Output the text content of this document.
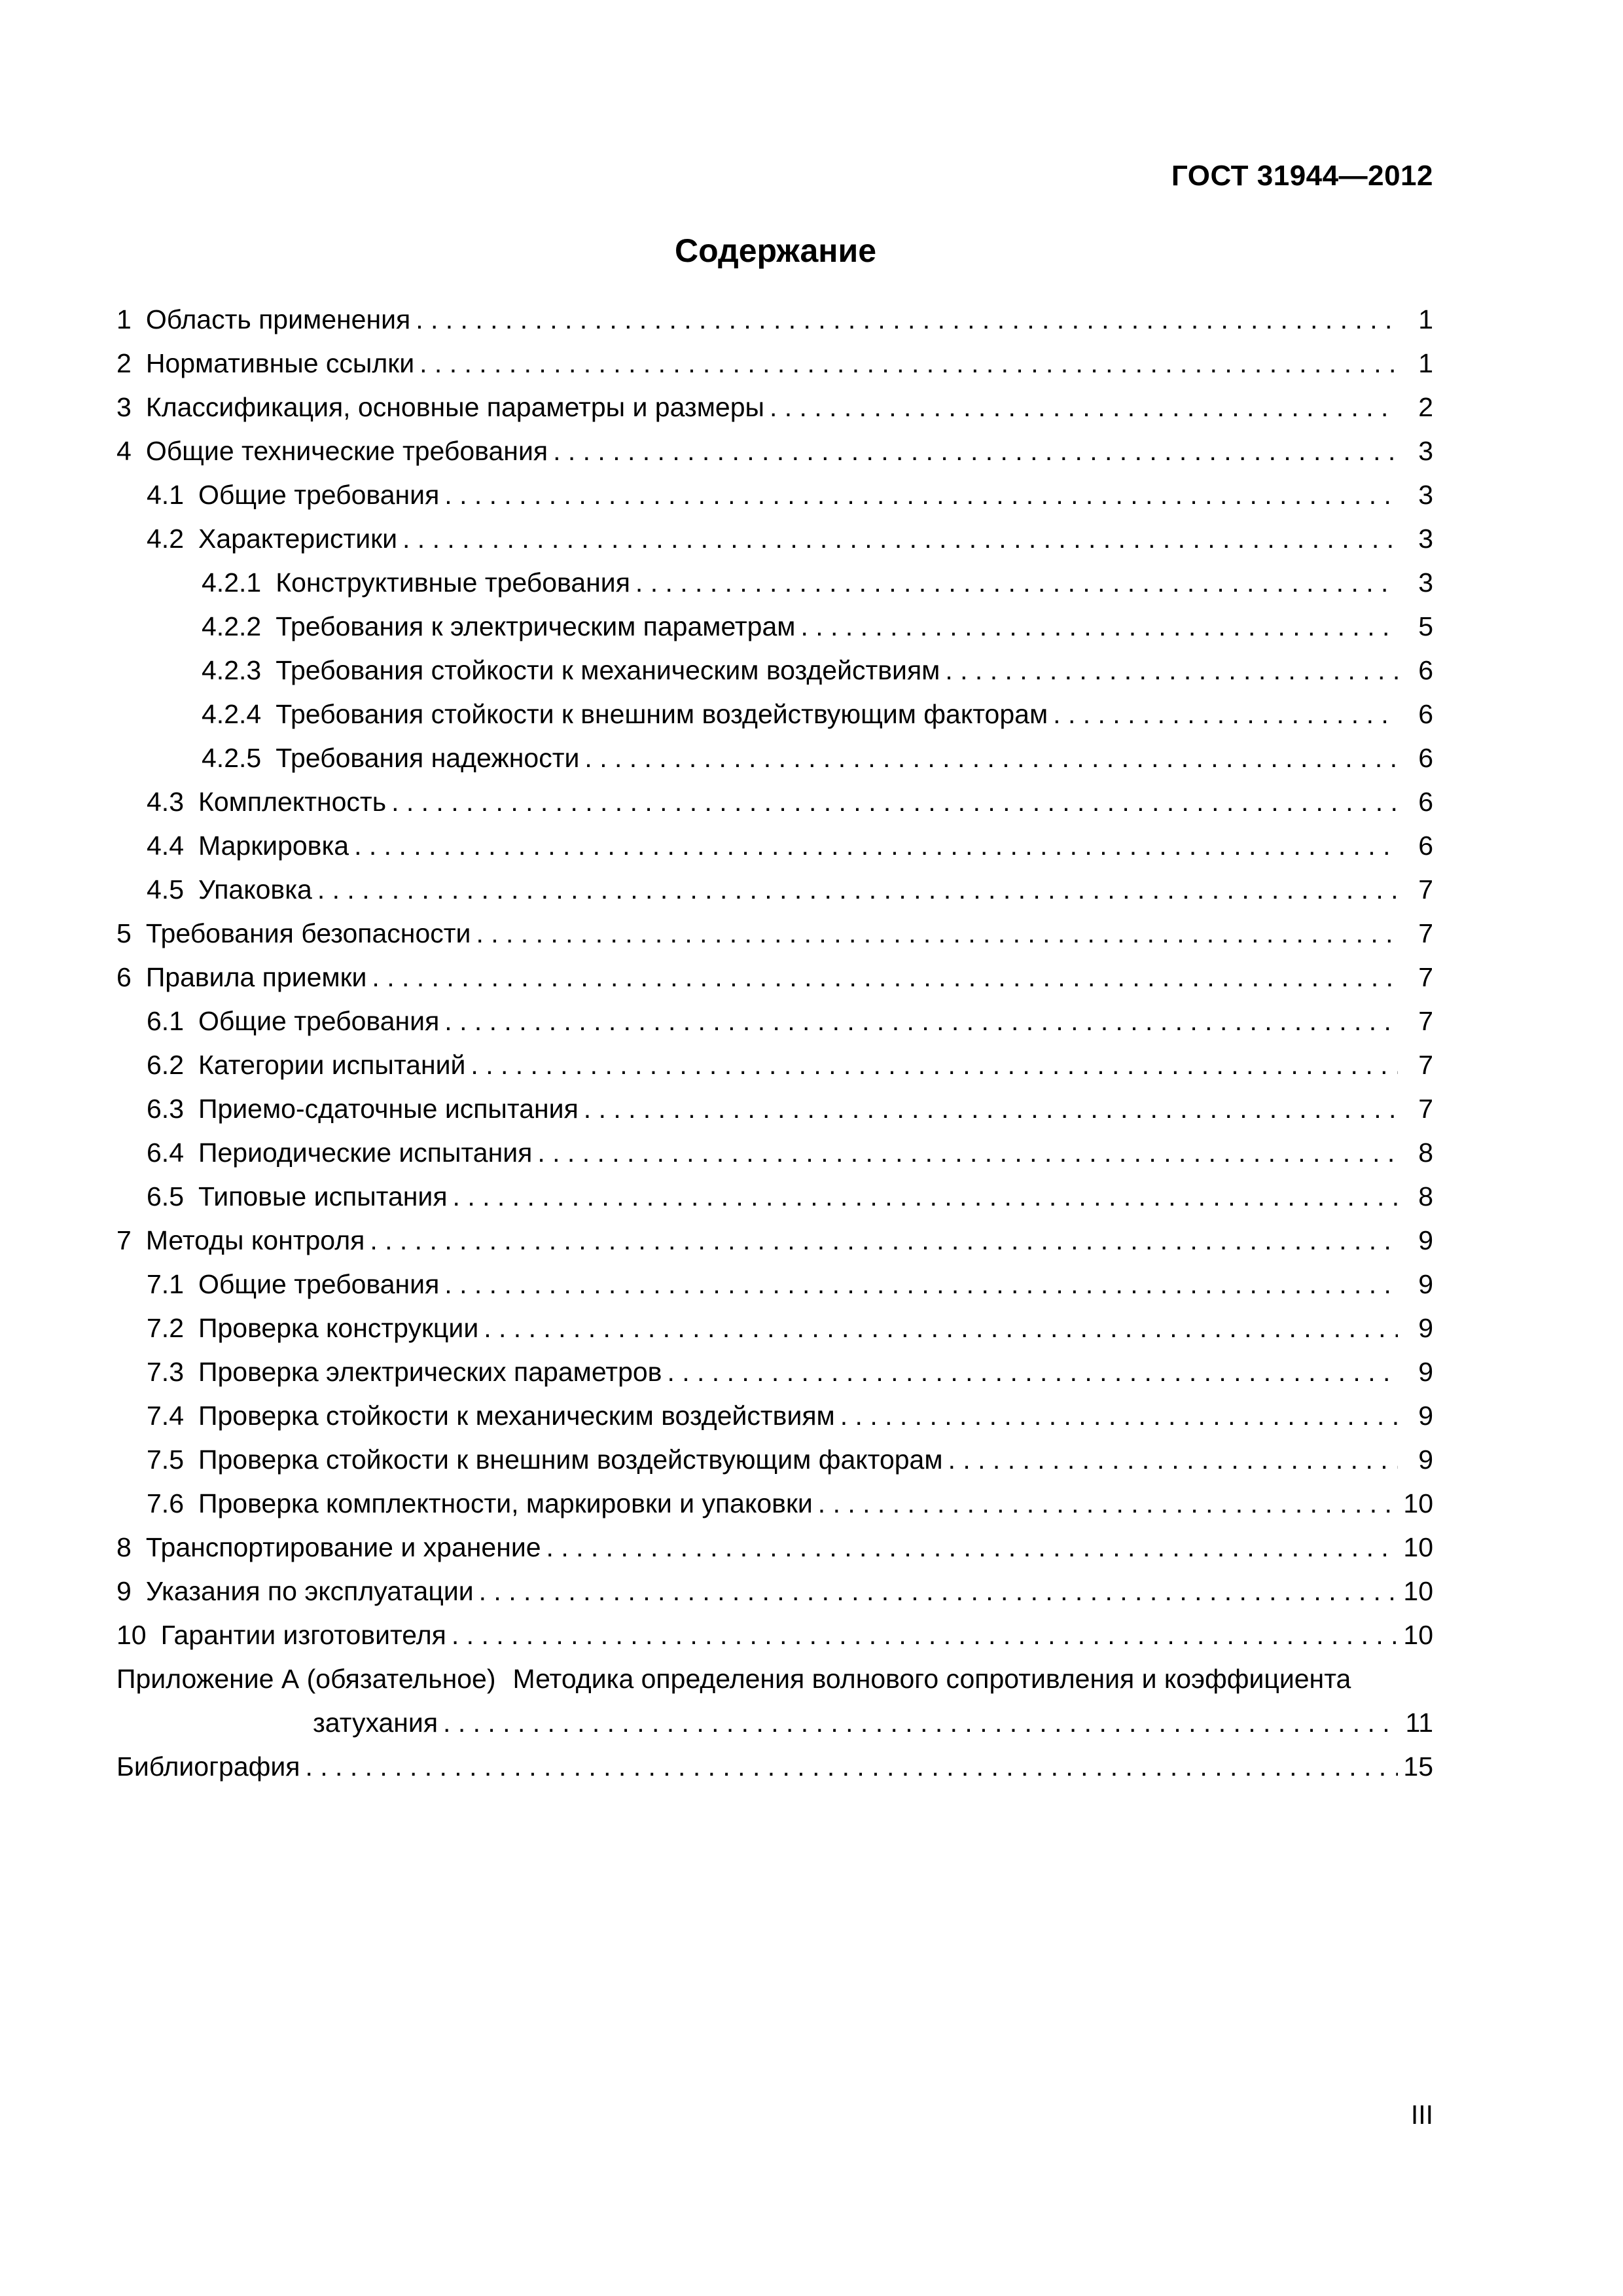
ГОСТ 31944—2012
Содержание
1 Область применения . . .	1
2 Нормативные ссылки . . .	1
3 Классификация, основные параметры и размеры . . .	2
4 Общие технические требования . . .	3
4.1 Общие требования . . .	3
4.2 Характеристики . . .	3
4.2.1 Конструктивные требования . . .	3
4.2.2 Требования к электрическим параметрам . . .	5
4.2.3 Требования стойкости к механическим воздействиям . . .	6
4.2.4 Требования стойкости к внешним воздействующим факторам . . .	6
4.2.5 Требования надежности . . .	6
4.3 Комплектность . . .	6
4.4 Маркировка . . .	6
4.5 Упаковка . . .	7
5 Требования безопасности . . .	7
6 Правила приемки . . .	7
6.1 Общие требования . . .	7
6.2 Категории испытаний . . .	7
6.3 Приемо-сдаточные испытания . . .	7
6.4 Периодические испытания . . .	8
6.5 Типовые испытания . . .	8
7 Методы контроля . . .	9
7.1 Общие требования . . .	9
7.2 Проверка конструкции . . .	9
7.3 Проверка электрических параметров . . .	9
7.4 Проверка стойкости к механическим воздействиям . . .	9
7.5 Проверка стойкости к внешним воздействующим факторам . . .	9
7.6 Проверка комплектности, маркировки и упаковки . . .	10
8 Транспортирование и хранение . . .	10
9 Указания по эксплуатации . . .	10
10 Гарантии изготовителя . . .	10
Приложение А (обязательное) Методика определения волнового сопротивления и коэффициента
затухания . . .	11
Библиография . . .	15
III
